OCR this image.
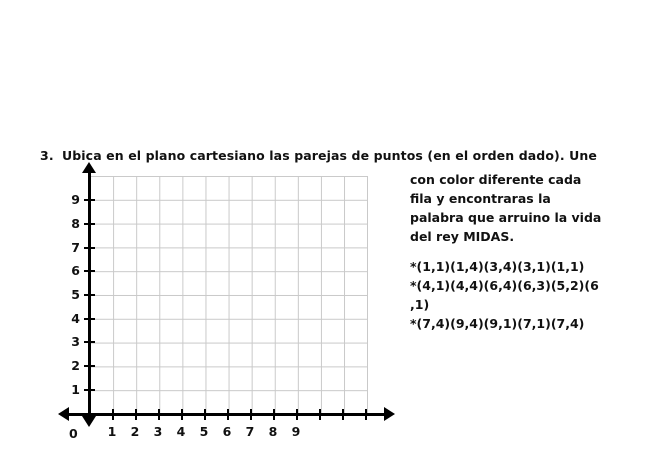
3. Ubica en el plano cartesiano las parejas de puntos (en el orden dado). Une
con color diferente cada
fila y encontraras la
palabra que arruino la vida
del rey MIDAS.
*(1,1)(1,4)(3,4)(3,1)(1,1)
*(4,1)(4,4)(6,4)(6,3)(5,2)(6
,1)
*(7,4)(9,4)(9,1)(7,1)(7,4)
1 2 3 4 5 6 7 8 9
1
2
3
4
5
6
7
8
9
0
